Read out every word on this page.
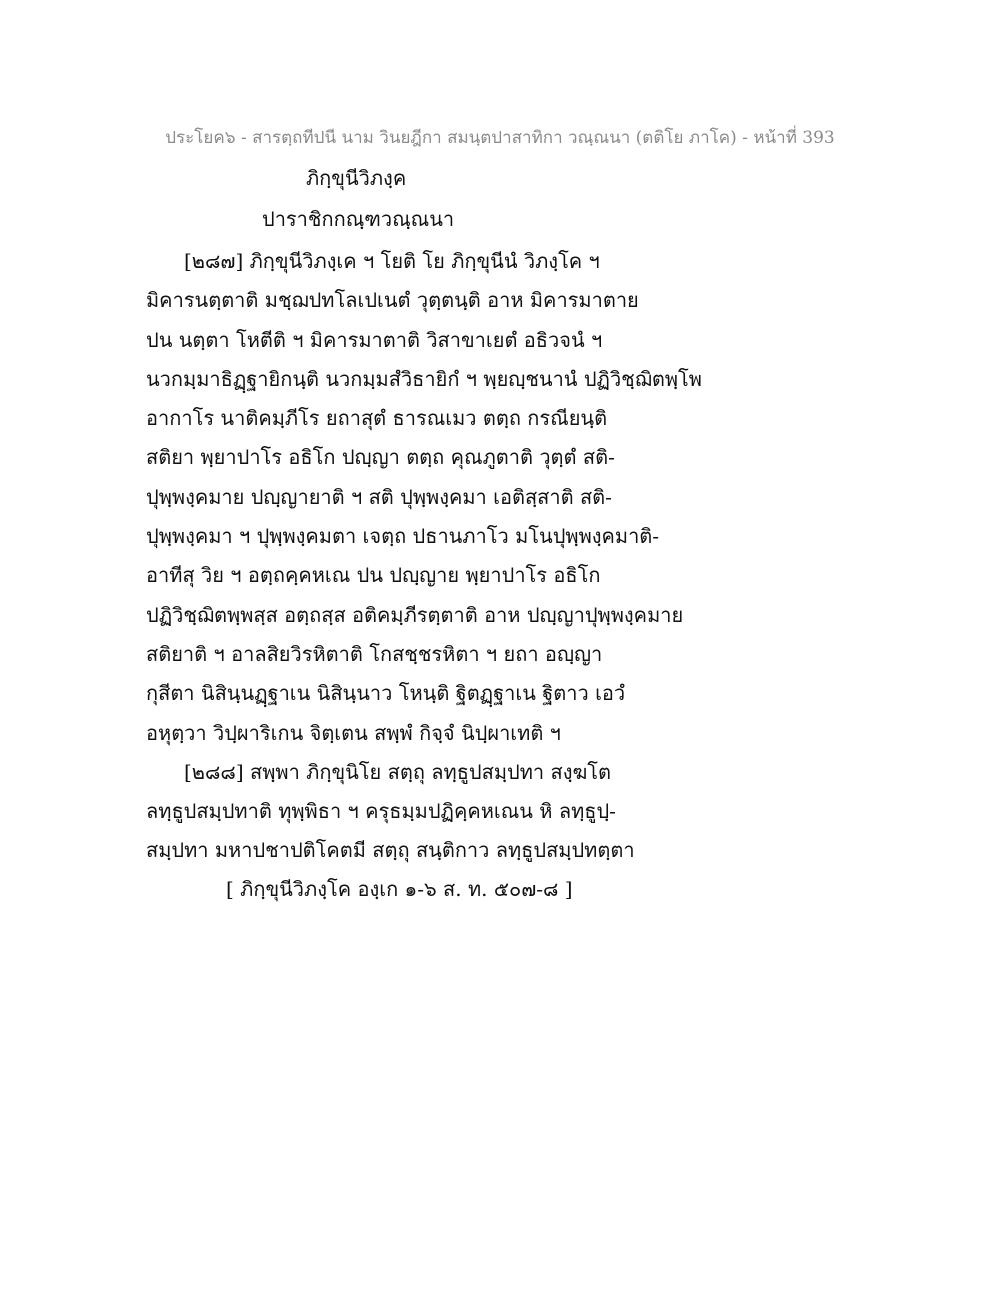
ประโยค๖ - สารตฺถทีปนี นาม วินยฎีกา สมนฺตปาสาทิกา วณฺณนา (ตติโย ภาโค) - หน้าที่ 393
ภิกฺขุนีวิภงฺค
ปาราชิกกณฺฑวณฺณนา
[๒๘๗] ภิกฺขุนีวิภงฺเค ฯ โยติ โย ภิกฺขุนีนํ วิภงฺโค ฯ
มิคารนตฺตาติ มชฺฌปทโลเปเนตํ วุตฺตนฺติ อาห มิคารมาตาย
ปน นตฺตา โหตีติ ฯ มิคารมาตาติ วิสาขาเยตํ อธิวจนํ ฯ
นวกมฺมาธิฏฺฐายิกนฺติ นวกมฺมสํวิธายิกํ ฯ พฺยญฺชนานํ ปฏิวิชฺฌิตพฺโพ
อากาโร นาติคมฺภีโร ยถาสุตํ ธารณเมว ตตฺถ กรณียนฺติ
สติยา พฺยาปาโร อธิโก ปญฺญา ตตฺถ คุณภูตาติ วุตฺตํ สติ-
ปุพฺพงฺคมาย ปญฺญายาติ ฯ สติ ปุพฺพงฺคมา เอติสฺสาติ สติ-
ปุพฺพงฺคมา ฯ ปุพฺพงฺคมตา เจตฺถ ปธานภาโว มโนปุพฺพงฺคมาติ-
อาทีสุ วิย ฯ อตฺถคฺคหเณ ปน ปญฺญาย พฺยาปาโร อธิโก
ปฏิวิชฺฌิตพฺพสฺส อตฺถสฺส อติคมฺภีรตฺตาติ อาห ปญฺญาปุพฺพงฺคมาย
สติยาติ ฯ อาลสิยวิรหิตาติ โกสชฺชรหิตา ฯ ยถา อญฺญา
กุสีตา นิสินฺนฏฺฐาเน นิสินฺนาว โหนฺติ ฐิตฏฺฐาเน ฐิตาว เอวํ
อหุตฺวา วิปฺผาริเกน จิตฺเตน สพฺพํ กิจฺจํ นิปฺผาเทติ ฯ
[๒๘๘] สพฺพา ภิกฺขุนิโย สตฺถุ ลทฺธูปสมฺปทา สงฺฆโต
ลทฺธูปสมฺปทาติ ทุพฺพิธา ฯ ครุธมฺมปฏิคฺคหเณน หิ ลทฺธูปฺ-
สมฺปทา มหาปชาปติโคตมี สตฺถุ สนฺติกาว ลทฺธูปสมฺปทตฺตา
[ ภิกฺขุนีวิภงฺโค องฺเก ๑-๖ ส. ท. ๕๐๗-๘ ]
